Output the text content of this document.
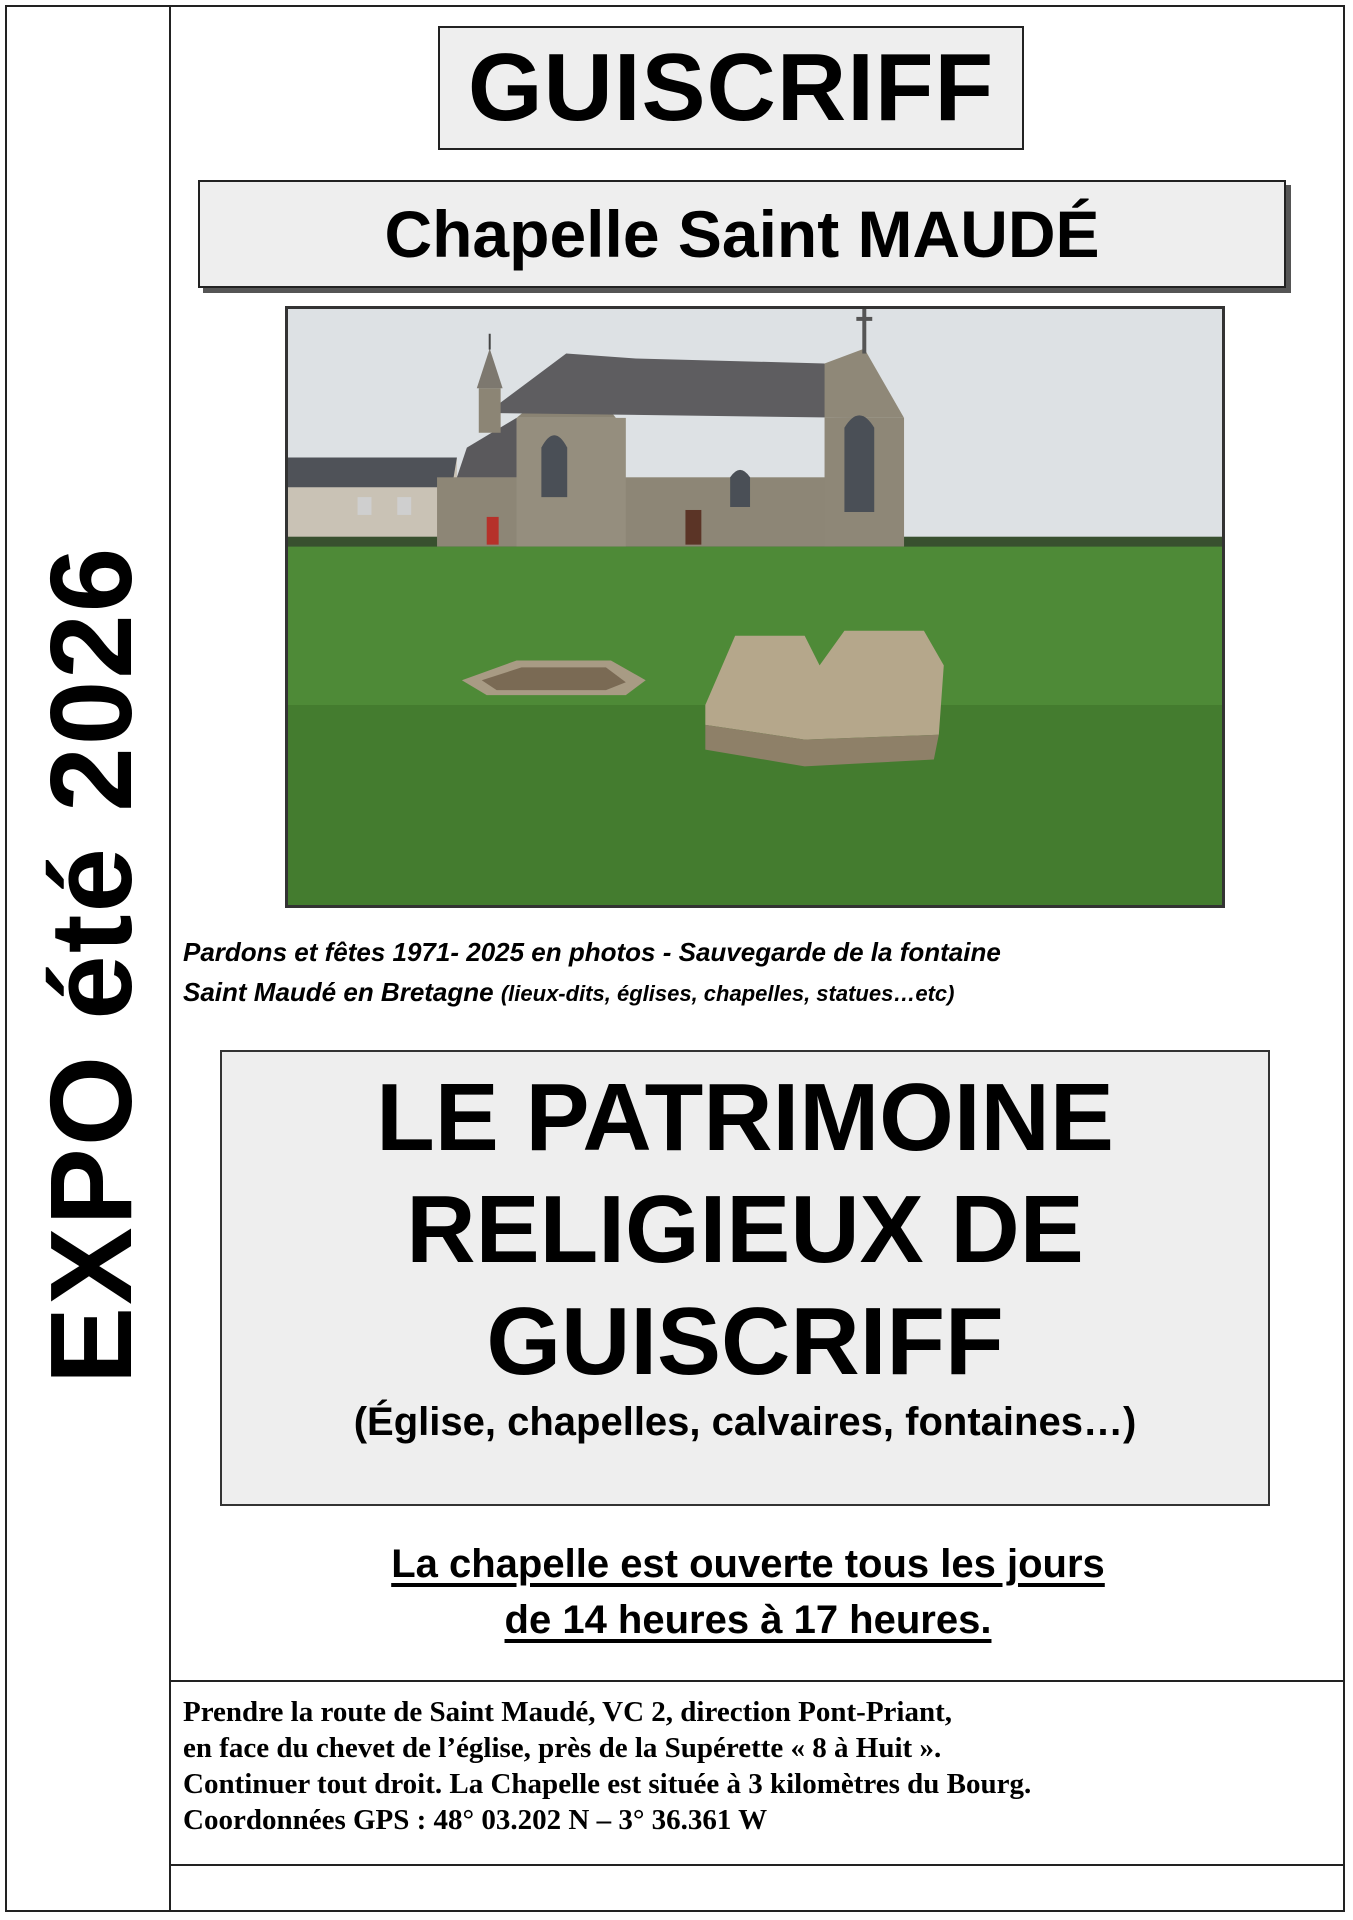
EXPO été 2026
GUISCRIFF
Chapelle Saint MAUDÉ
Pardons et fêtes 1971- 2025 en photos - Sauvegarde de la fontaine
Saint Maudé en Bretagne (lieux-dits, églises, chapelles, statues…etc)
LE PATRIMOINE
RELIGIEUX DE
GUISCRIFF
(Église, chapelles, calvaires, fontaines…)
La chapelle est ouverte tous les jours
de 14 heures à 17 heures.
Prendre la route de Saint Maudé, VC 2, direction Pont-Priant,
en face du chevet de l’église, près de la Supérette « 8 à Huit ».
Continuer tout droit. La Chapelle est située à 3 kilomètres du Bourg.
Coordonnées GPS : 48° 03.202 N – 3° 36.361 W
